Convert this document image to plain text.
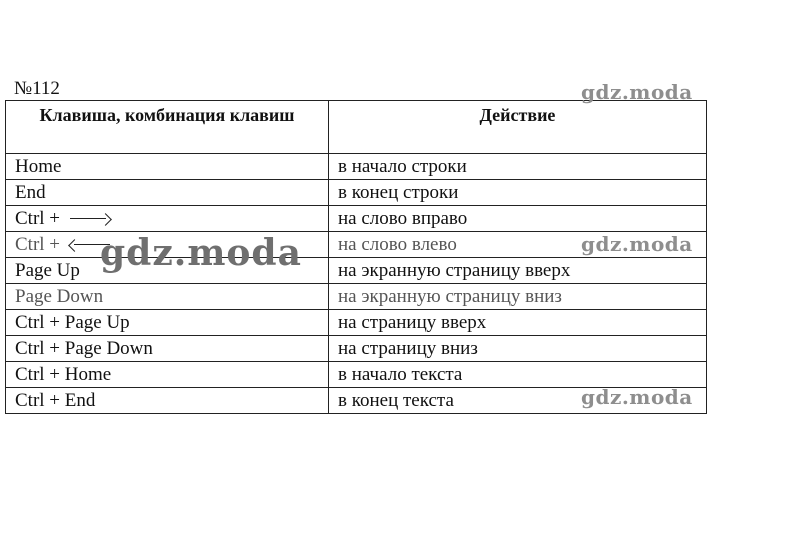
№112
Клавиша, комбинация клавиш	Действие
Home	в начало строки
End	в конец строки
Ctrl +	на слово вправо
Ctrl +	на слово влево
Page Up	на экранную страницу вверх
Page Down	на экранную страницу вниз
Ctrl + Page Up	на страницу вверх
Ctrl + Page Down	на страницу вниз
Ctrl + Home	в начало текста
Ctrl + End	в конец текста
gdz.moda
gdz.moda	gdz.moda
gdz.moda
